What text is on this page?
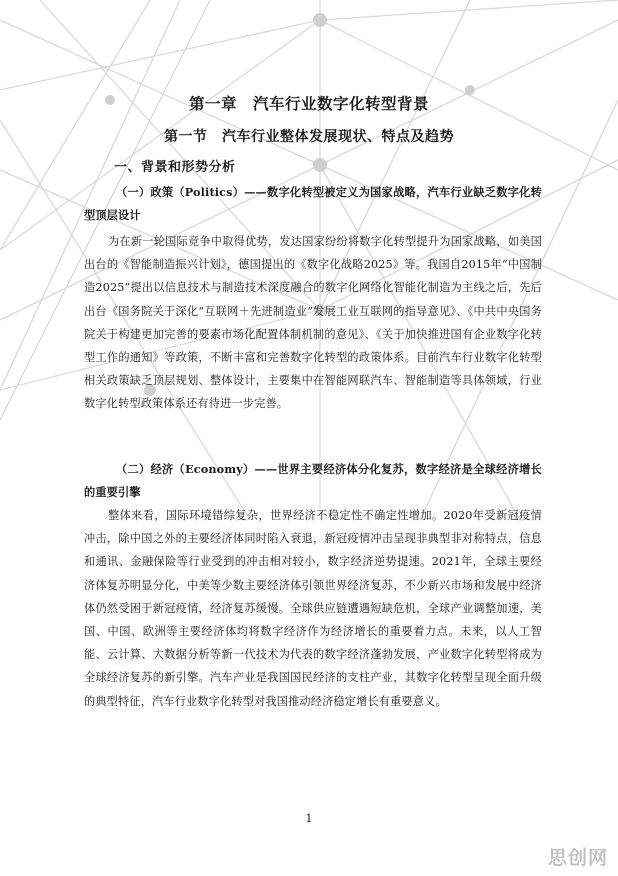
第一章　汽车行业数字化转型背景
第一节　汽车行业整体发展现状、特点及趋势
一、背景和形势分析
（一）政策（Politics）——数字化转型被定义为国家战略，汽车行业缺乏数字化转型顶层设计
为在新一轮国际竞争中取得优势，发达国家纷纷将数字化转型提升为国家战略，如美国出台的《智能制造振兴计划》，德国提出的《数字化战略2025》等。我国自2015年“中国制造2025”提出以信息技术与制造技术深度融合的数字化网络化智能化制造为主线之后，先后出台《国务院关于深化“互联网＋先进制造业”发展工业互联网的指导意见》、《中共中央国务院关于构建更加完善的要素市场化配置体制机制的意见》、《关于加快推进国有企业数字化转型工作的通知》等政策，不断丰富和完善数字化转型的政策体系。目前汽车行业数字化转型相关政策缺乏顶层规划、整体设计，主要集中在智能网联汽车、智能制造等具体领域，行业数字化转型政策体系还有待进一步完善。
（二）经济（Economy）——世界主要经济体分化复苏，数字经济是全球经济增长的重要引擎
整体来看，国际环境错综复杂，世界经济不稳定性不确定性增加。2020年受新冠疫情冲击，除中国之外的主要经济体同时陷入衰退，新冠疫情冲击呈现非典型非对称特点，信息和通讯、金融保险等行业受到的冲击相对较小，数字经济逆势提速。2021年，全球主要经济体复苏明显分化，中美等少数主要经济体引领世界经济复苏，不少新兴市场和发展中经济体仍然受困于新冠疫情，经济复苏缓慢。全球供应链遭遇短缺危机，全球产业调整加速，美国、中国、欧洲等主要经济体均将数字经济作为经济增长的重要着力点。未来，以人工智能、云计算、大数据分析等新一代技术为代表的数字经济蓬勃发展，产业数字化转型将成为全球经济复苏的新引擎。汽车产业是我国国民经济的支柱产业，其数字化转型呈现全面升级的典型特征，汽车行业数字化转型对我国推动经济稳定增长有重要意义。
1
思创网
